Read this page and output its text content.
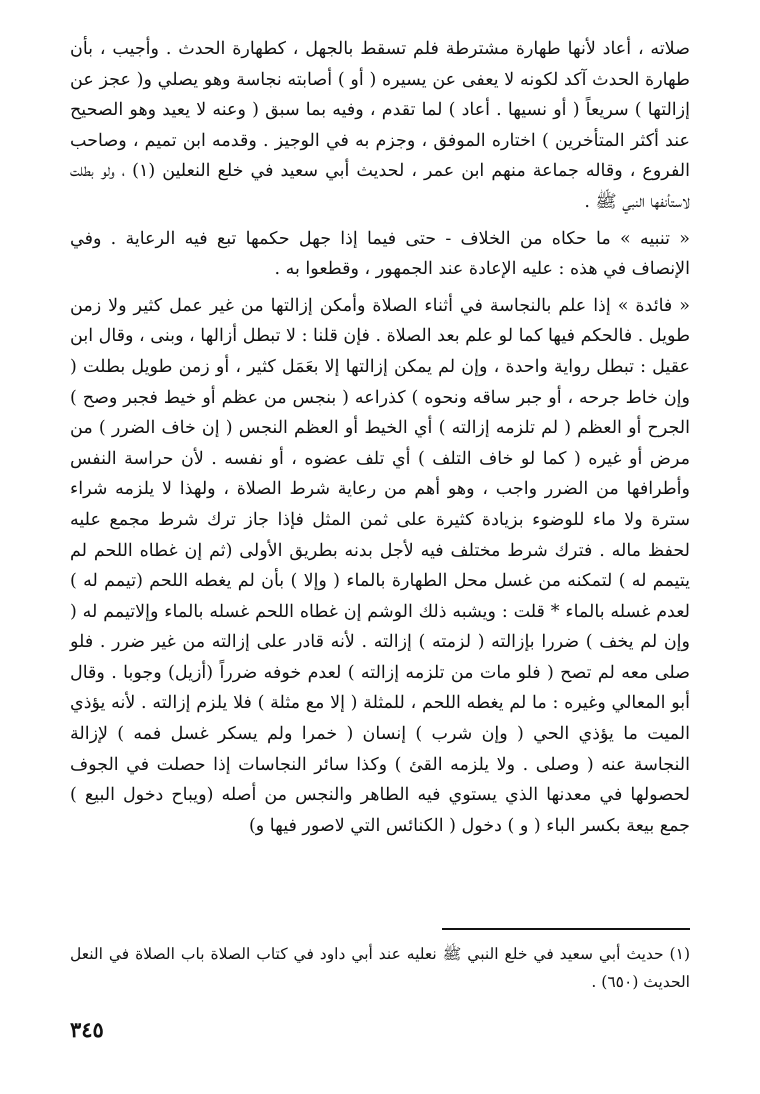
صلاته ، أعاد لأنها طهارة مشترطة فلم تسقط بالجهل ، كطهارة الحدث . وأجيب ، بأن طهارة الحدث آكد لكونه لا يعفى عن يسيره ( أو ) أصابته نجاسة وهو يصلي و( عجز عن إزالتها ) سريعاً ( أو نسيها . أعاد ) لما تقدم ، وفيه بما سبق ( وعنه لا يعيد وهو الصحيح عند أكثر المتأخرين ) اختاره الموفق ، وجزم به في الوجيز . وقدمه ابن تميم ، وصاحب الفروع ، وقاله جماعة منهم ابن عمر ، لحديث أبي سعيد في خلع النعلين (١) ، ولو بطلت لاستأنفها النبي ﷺ .

« تنبيه » ما حكاه من الخلاف - حتى فيما إذا جهل حكمها تبع فيه الرعاية . وفي الإنصاف في هذه : عليه الإعادة عند الجمهور ، وقطعوا به .

« فائدة » إذا علم بالنجاسة في أثناء الصلاة وأمكن إزالتها من غير عمل كثير ولا زمن طويل . فالحكم فيها كما لو علم بعد الصلاة . فإن قلنا : لا تبطل أزالها ، وبنى ، وقال ابن عقيل : تبطل رواية واحدة ، وإن لم يمكن إزالتها إلا بعَمَل كثير ، أو زمن طويل بطلت ( وإن خاط جرحه ، أو جبر ساقه ونحوه ) كذراعه ( بنجس من عظم أو خيط فجبر وصح ) الجرح أو العظم ( لم تلزمه إزالته ) أي الخيط أو العظم النجس ( إن خاف الضرر ) من مرض أو غيره ( كما لو خاف التلف ) أي تلف عضوه ، أو نفسه . لأن حراسة النفس وأطرافها من الضرر واجب ، وهو أهم من رعاية شرط الصلاة ، ولهذا لا يلزمه شراء سترة ولا ماء للوضوء بزيادة كثيرة على ثمن المثل فإذا جاز ترك شرط مجمع عليه لحفظ ماله . فترك شرط مختلف فيه لأجل بدنه بطريق الأولى (ثم إن غطاه اللحم لم يتيمم له ) لتمكنه من غسل محل الطهارة بالماء ( وإلا ) بأن لم يغطه اللحم (تيمم له ) لعدم غسله بالماء * قلت : ويشبه ذلك الوشم إن غطاه اللحم غسله بالماء وإلاتيمم له ( وإن لم يخف ) ضررا بإزالته ( لزمته ) إزالته . لأنه قادر على إزالته من غير ضرر . فلو صلى معه لم تصح ( فلو مات من تلزمه إزالته ) لعدم خوفه ضرراً (أزيل) وجوبا . وقال أبو المعالي وغيره : ما لم يغطه اللحم ، للمثلة ( إلا مع مثلة ) فلا يلزم إزالته . لأنه يؤذي الميت ما يؤذي الحي ( وإن شرب ) إنسان ( خمرا ولم يسكر غسل فمه ) لإزالة النجاسة عنه ( وصلى . ولا يلزمه القئ ) وكذا سائر النجاسات إذا حصلت في الجوف لحصولها في معدنها الذي يستوي فيه الطاهر والنجس من أصله (ويباح دخول البيع ) جمع بيعة بكسر الباء ( و ) دخول ( الكنائس التي لاصور فيها و)

(١) حديث أبي سعيد في خلع النبي ﷺ نعليه عند أبي داود في كتاب الصلاة باب الصلاة في النعل الحديث (٦٥٠) .

٣٤٥
